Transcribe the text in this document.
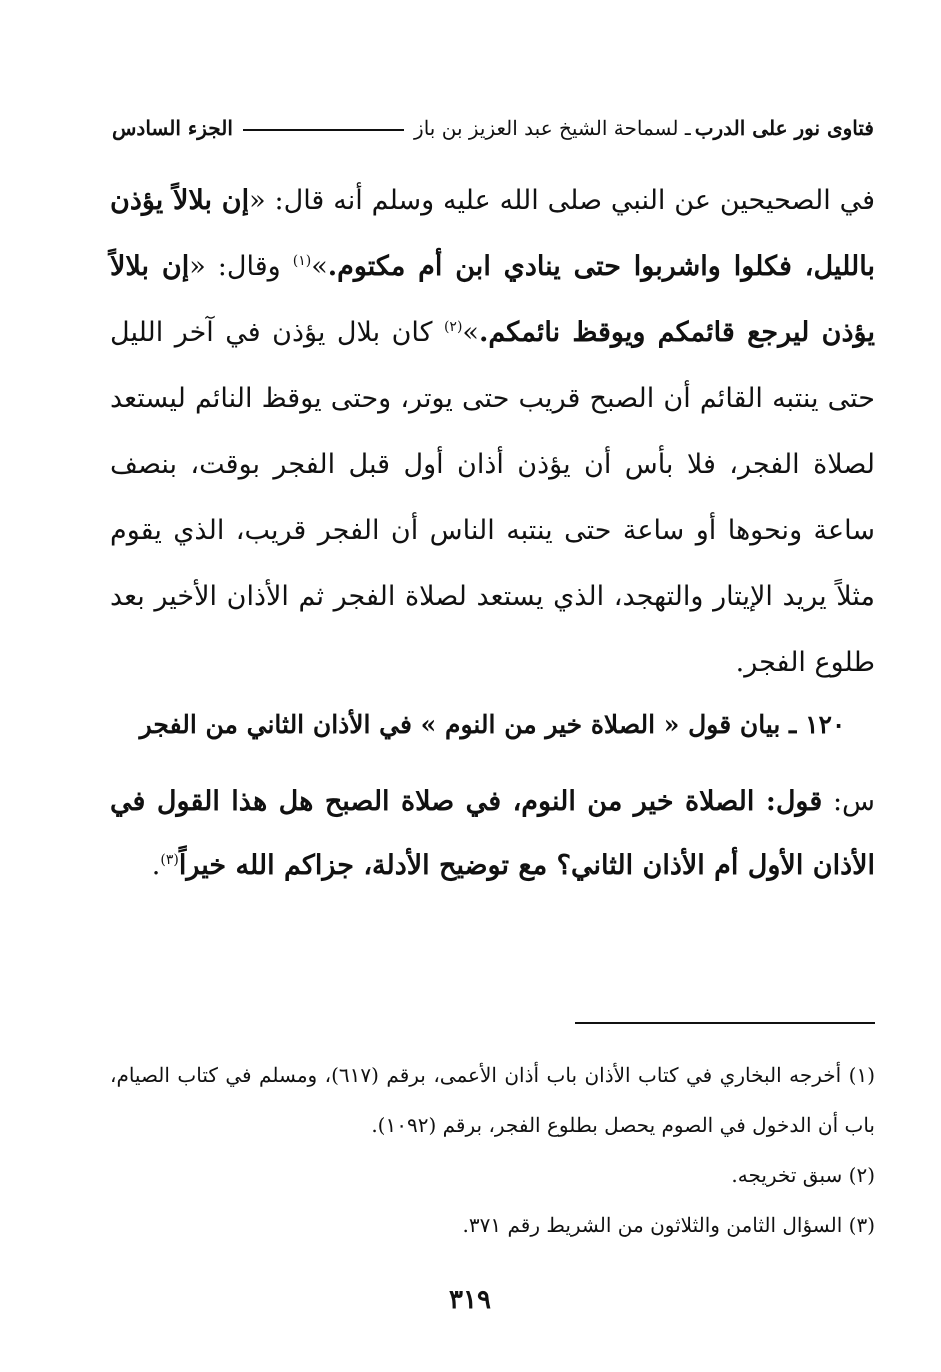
فتاوى نور على الدرب
ـ لسماحة الشيخ عبد العزيز بن باز
الجزء السادس

في الصحيحين عن النبي صلى الله عليه وسلم أنه قال: «إن بلالاً يؤذن بالليل، فكلوا واشربوا حتى ينادي ابن أم مكتوم.»$^{(١)}$ وقال: «إن بلالاً يؤذن ليرجع قائمكم ويوقظ نائمكم.»$^{(٢)}$ كان بلال يؤذن في آخر الليل حتى ينتبه القائم أن الصبح قريب حتى يوتر، وحتى يوقظ النائم ليستعد لصلاة الفجر، فلا بأس أن يؤذن أذان أول قبل الفجر بوقت، بنصف ساعة ونحوها أو ساعة حتى ينتبه الناس أن الفجر قريب، الذي يقوم مثلاً يريد الإيتار والتهجد، الذي يستعد لصلاة الفجر ثم الأذان الأخير بعد طلوع الفجر.

١٢٠ ـ بيان قول « الصلاة خير من النوم » في الأذان الثاني من الفجر

س: قول: الصلاة خير من النوم، في صلاة الصبح هل هذا القول في الأذان الأول أم الأذان الثاني؟ مع توضيح الأدلة، جزاكم الله خيراً$^{(٣)}$.

(١) أخرجه البخاري في كتاب الأذان باب أذان الأعمى، برقم (٦١٧)، ومسلم في كتاب الصيام، باب أن الدخول في الصوم يحصل بطلوع الفجر، برقم (١٠٩٢).

(٢) سبق تخريجه.

(٣) السؤال الثامن والثلاثون من الشريط رقم ٣٧١.

٣١٩
